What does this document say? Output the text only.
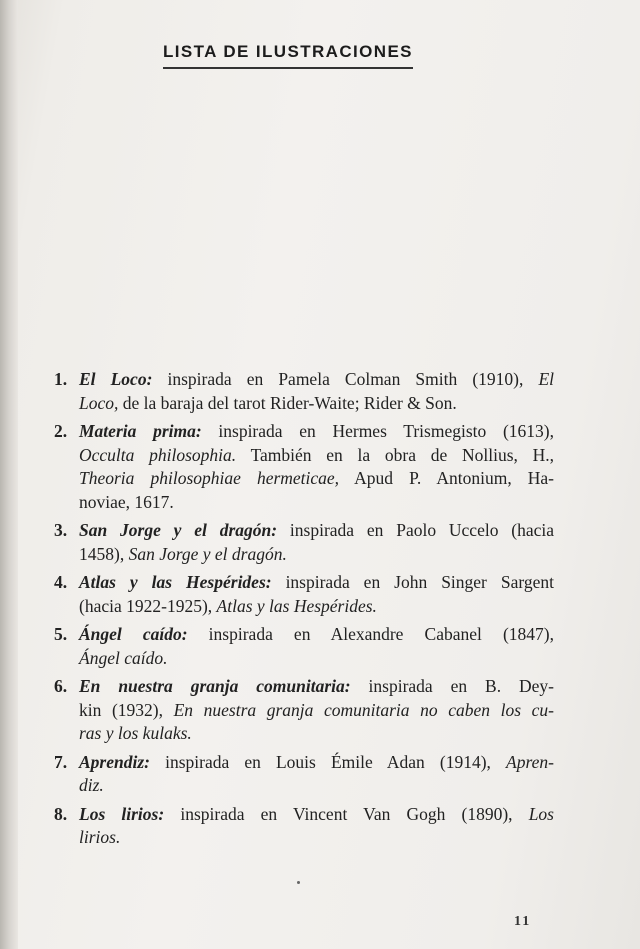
LISTA DE ILUSTRACIONES
1. El Loco: inspirada en Pamela Colman Smith (1910), El
Loco, de la baraja del tarot Rider-Waite; Rider & Son.
2. Materia prima: inspirada en Hermes Trismegisto (1613),
Occulta philosophia. También en la obra de Nollius, H.,
Theoria philosophiae hermeticae, Apud P. Antonium, Ha-
noviae, 1617.
3. San Jorge y el dragón: inspirada en Paolo Uccelo (hacia
1458), San Jorge y el dragón.
4. Atlas y las Hespérides: inspirada en John Singer Sargent
(hacia 1922-1925), Atlas y las Hespérides.
5. Ángel caído: inspirada en Alexandre Cabanel (1847),
Ángel caído.
6. En nuestra granja comunitaria: inspirada en B. Dey-
kin (1932), En nuestra granja comunitaria no caben los cu-
ras y los kulaks.
7. Aprendiz: inspirada en Louis Émile Adan (1914), Apren-
diz.
8. Los lirios: inspirada en Vincent Van Gogh (1890), Los
lirios.
11
